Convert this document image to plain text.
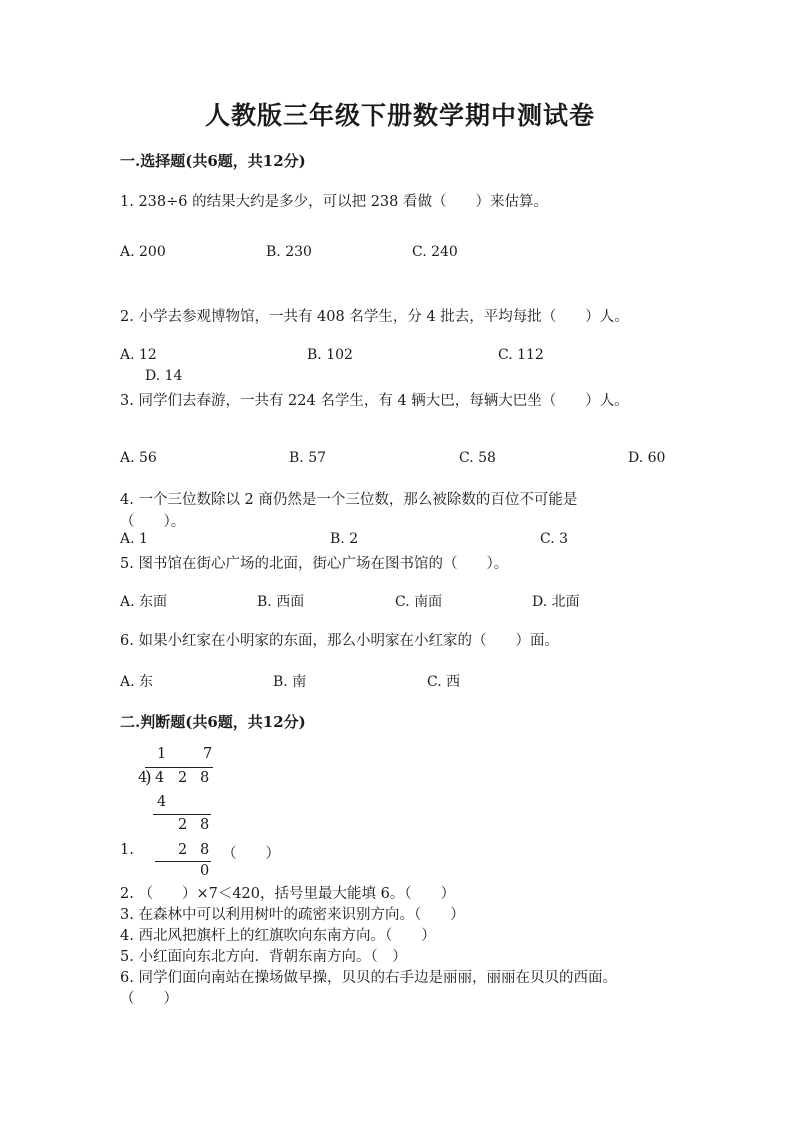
人教版三年级下册数学期中测试卷
一.选择题(共6题，共12分)
1. 238÷6 的结果大约是多少，可以把 238 看做（　　）来估算。
A. 200	B. 230	C. 240
2. 小学去参观博物馆，一共有 408 名学生，分 4 批去，平均每批（　　）人。
A. 12	B. 102	C. 112
D. 14
3. 同学们去春游，一共有 224 名学生，有 4 辆大巴，每辆大巴坐（　　）人。
A. 56	B. 57	C. 58	D. 60
4. 一个三位数除以 2 商仍然是一个三位数，那么被除数的百位不可能是
（　　）。
A. 1	B. 2	C. 3
5. 图书馆在街心广场的北面，街心广场在图书馆的（　　）。
A. 东面	B. 西面	C. 南面	D. 北面
6. 如果小红家在小明家的东面，那么小明家在小红家的（　　）面。
A. 东	B. 南	C. 西
二.判断题(共6题，共12分)
1	7
4
) 4 2 8
4
2 8
2 8
0
1.	（　　）
2. （　　）×7＜420，括号里最大能填 6。（　　）
3. 在森林中可以利用树叶的疏密来识别方向。（　　）
4. 西北风把旗杆上的红旗吹向东南方向。（　　）
5. 小红面向东北方向．背朝东南方向。（　）
6. 同学们面向南站在操场做早操，贝贝的右手边是丽丽，丽丽在贝贝的西面。
（　　）
